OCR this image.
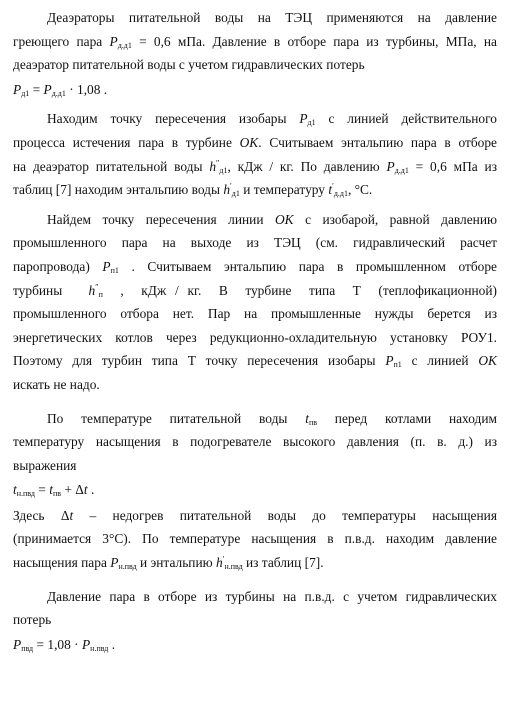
Деаэраторы питательной воды на ТЭЦ применяются на давление

греющего пара $P_{д.д1} = 0,6$ мПа. Давление в отборе пара из турбины, МПа, на

деаэратор питательной воды с учетом гидравлических потерь

$P_{д1} = P_{д.д1} \cdot 1,08$ .

Находим точку пересечения изобары $P_{д1}$ с линией действительного

процесса истечения пара в турбине OK. Считываем энтальпию пара в отборе

на деаэратор питательной воды $h''_{д1}$, кДж / кг. По давлению $P_{д.д1} = 0,6$ мПа из

таблиц [7] находим энтальпию воды $h'_{д1}$ и температуру $t'_{д.д1}$, °С.

Найдем точку пересечения линии OK с изобарой, равной давлению

промышленного пара на выходе из ТЭЦ (см. гидравлический расчет

паропровода) $P_{п1}$ . Считываем энтальпию пара в промышленном отборе

турбины   $h''_п$  ,  кДж / кг.  В  турбине  типа  Т  (теплофикационной)

промышленного отбора нет. Пар на промышленные нужды берется из

энергетических котлов через редукционно-охладительную установку РОУ1.

Поэтому для турбин типа Т точку пересечения изобары $P_{п1}$ с линией OK

искать не надо.

По температуре питательной воды $t_{пв}$ перед котлами находим

температуру насыщения в подогревателе высокого давления (п. в. д.) из

выражения

$t_{н.пвд} = t_{пв} + \Delta t$ .

Здесь Δt – недогрев питательной воды до температуры насыщения

(принимается 3°С). По температуре насыщения в п.в.д. находим давление

насыщения пара $P_{н.пвд}$ и энтальпию $h'_{н.пвд}$ из таблиц [7].

Давление пара в отборе из турбины на п.в.д. с учетом гидравлических

потерь

$P_{пвд} = 1,08 \cdot P_{н.пвд}$ .
